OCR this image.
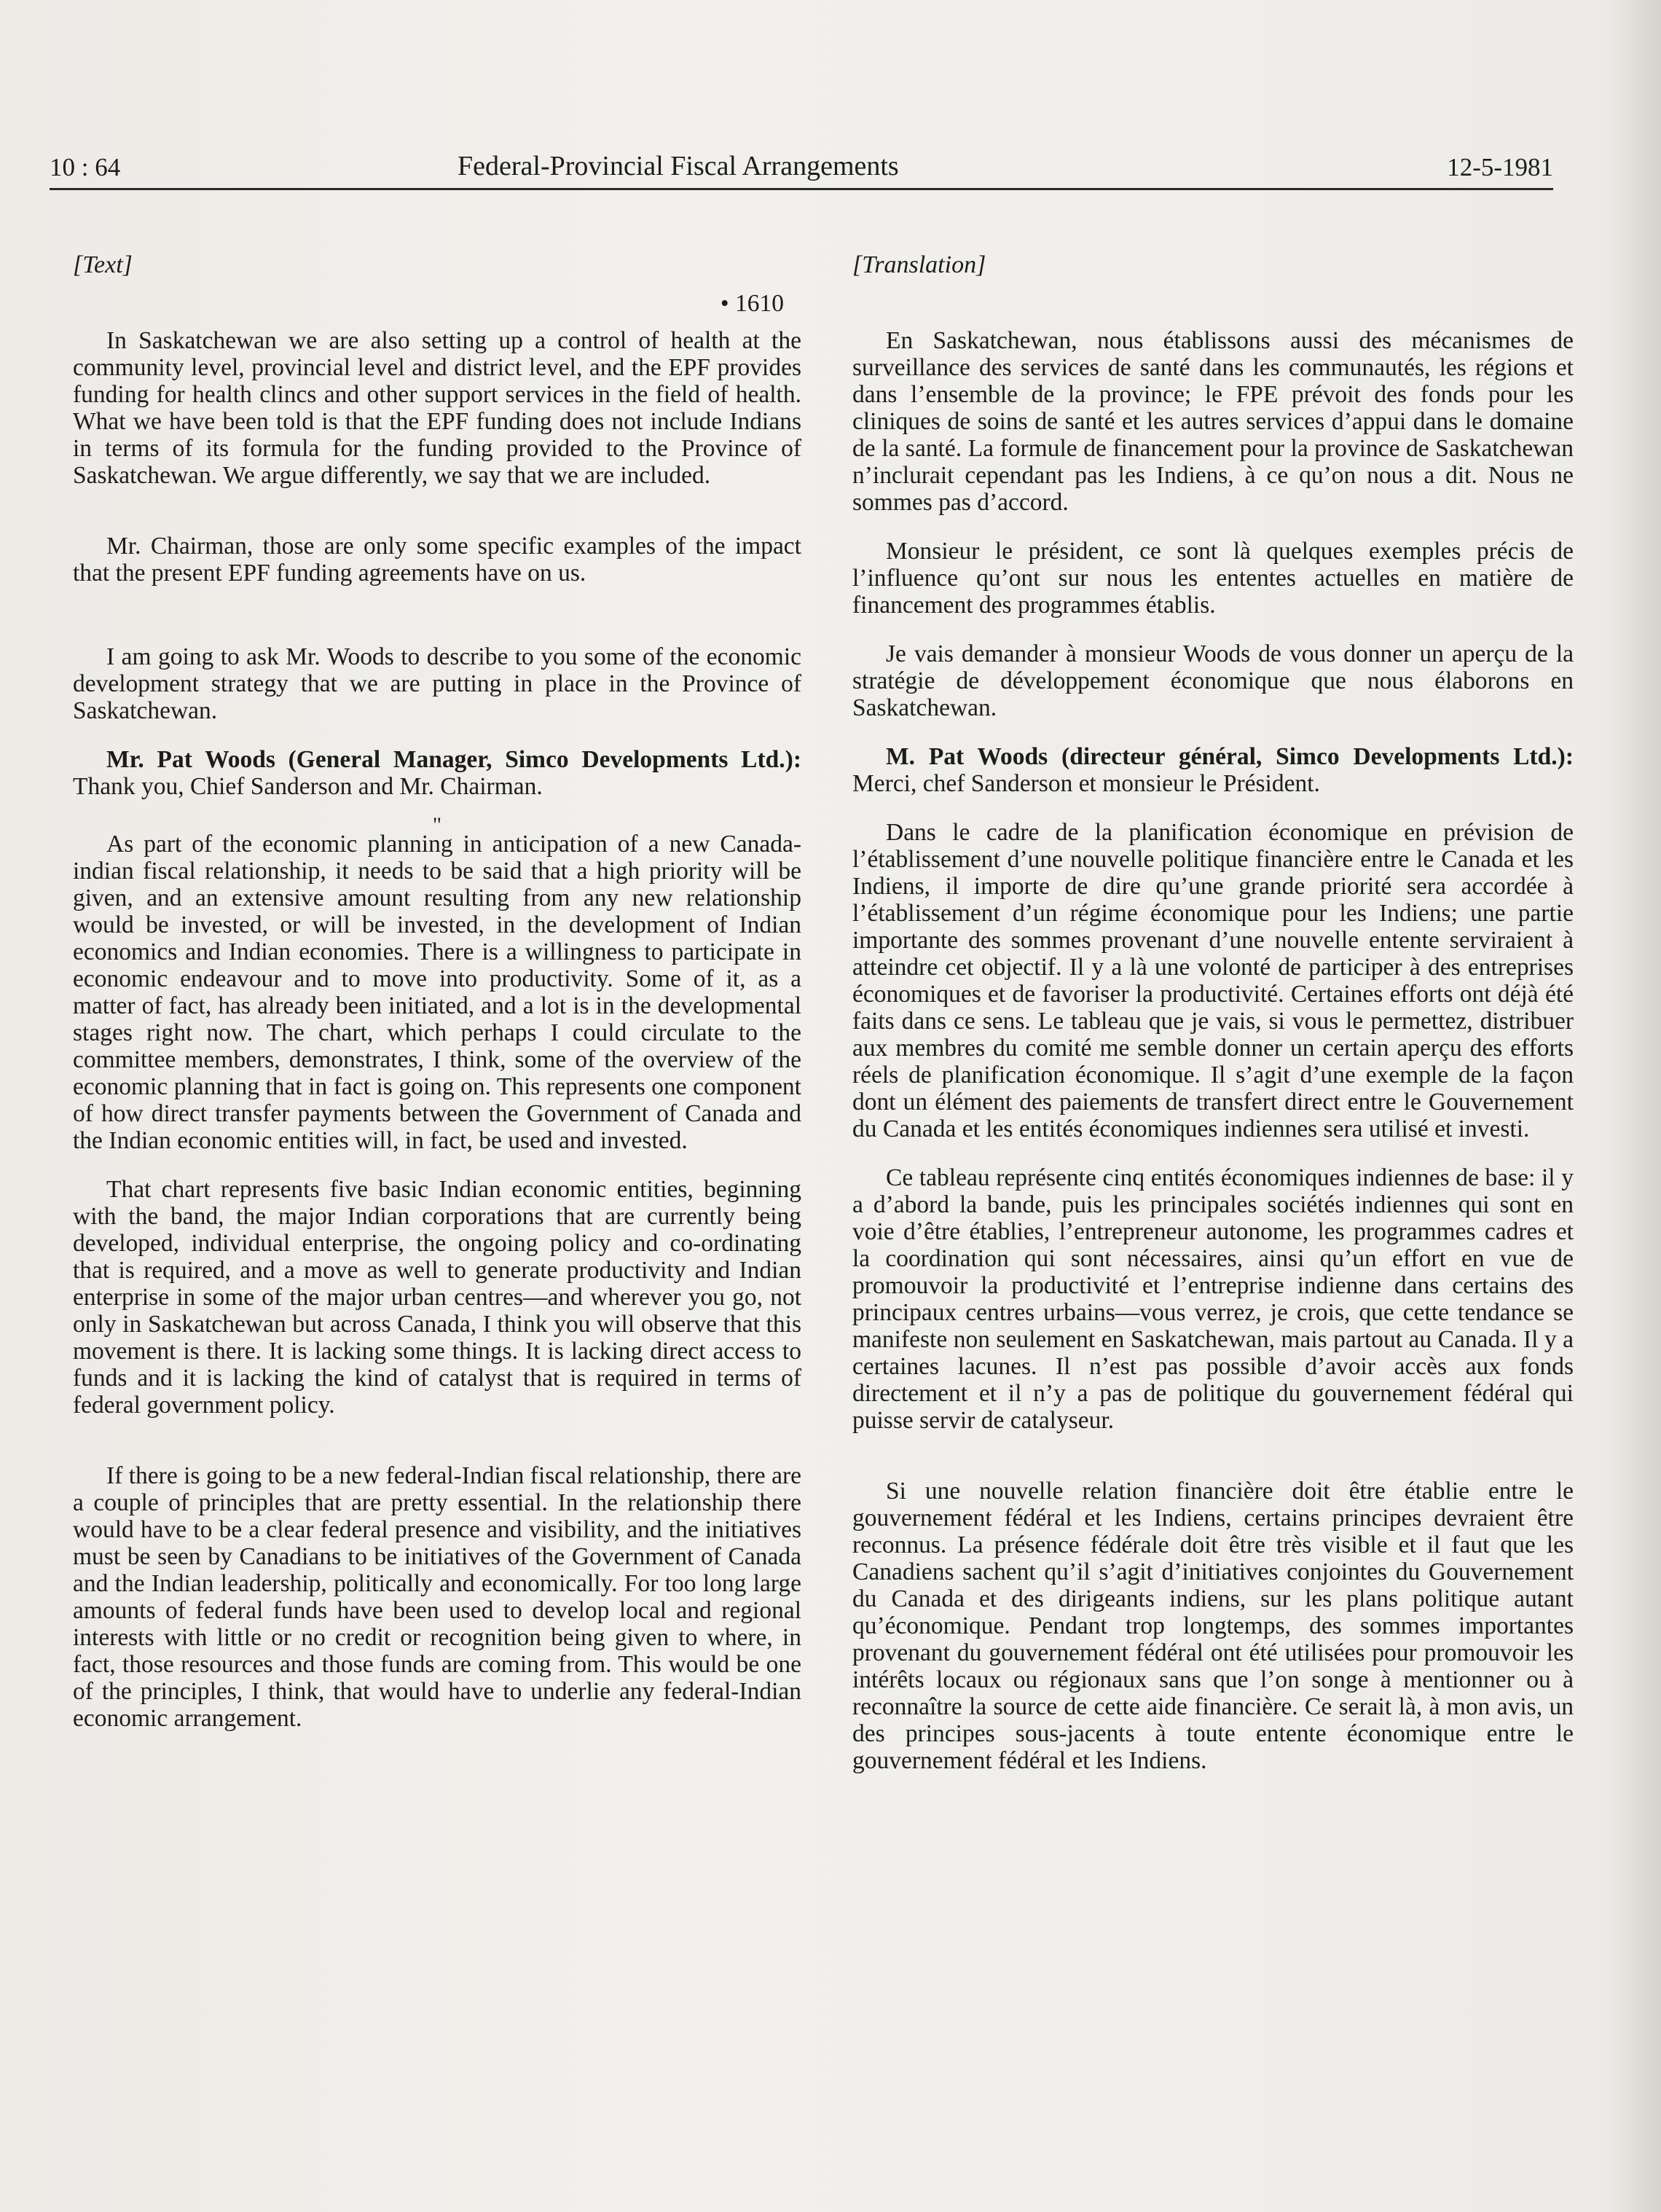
10 : 64	Federal-Provincial Fiscal Arrangements	12-5-1981
[Text]
• 1610

In Saskatchewan we are also setting up a control of health at the community level, provincial level and district level, and the EPF provides funding for health clincs and other support services in the field of health. What we have been told is that the EPF funding does not include Indians in terms of its formula for the funding provided to the Province of Saskatchewan. We argue differently, we say that we are included.

Mr. Chairman, those are only some specific examples of the impact that the present EPF funding agreements have on us.

I am going to ask Mr. Woods to describe to you some of the economic development strategy that we are putting in place in the Province of Saskatchewan.

Mr. Pat Woods (General Manager, Simco Developments Ltd.): Thank you, Chief Sanderson and Mr. Chairman.

"

As part of the economic planning in anticipation of a new Canada-indian fiscal relationship, it needs to be said that a high priority will be given, and an extensive amount resulting from any new relationship would be invested, or will be invested, in the development of Indian economics and Indian economies. There is a willingness to participate in economic endeavour and to move into productivity. Some of it, as a matter of fact, has already been initiated, and a lot is in the developmental stages right now. The chart, which perhaps I could circulate to the committee members, demonstrates, I think, some of the overview of the economic planning that in fact is going on. This represents one component of how direct transfer payments between the Government of Canada and the Indian economic entities will, in fact, be used and invested.

That chart represents five basic Indian economic entities, beginning with the band, the major Indian corporations that are currently being developed, individual enterprise, the ongoing policy and co-ordinating that is required, and a move as well to generate productivity and Indian enterprise in some of the major urban centres—and wherever you go, not only in Saskatchewan but across Canada, I think you will observe that this movement is there. It is lacking some things. It is lacking direct access to funds and it is lacking the kind of catalyst that is required in terms of federal government policy.

If there is going to be a new federal-Indian fiscal relationship, there are a couple of principles that are pretty essential. In the relationship there would have to be a clear federal presence and visibility, and the initiatives must be seen by Canadians to be initiatives of the Government of Canada and the Indian leadership, politically and economically. For too long large amounts of federal funds have been used to develop local and regional interests with little or no credit or recognition being given to where, in fact, those resources and those funds are coming from. This would be one of the principles, I think, that would have to underlie any federal-Indian economic arrangement.

[Translation]

En Saskatchewan, nous établissons aussi des mécanismes de surveillance des services de santé dans les communautés, les régions et dans l’ensemble de la province; le FPE prévoit des fonds pour les cliniques de soins de santé et les autres services d’appui dans le domaine de la santé. La formule de financement pour la province de Saskatchewan n’inclurait cependant pas les Indiens, à ce qu’on nous a dit. Nous ne sommes pas d’accord.

Monsieur le président, ce sont là quelques exemples précis de l’influence qu’ont sur nous les ententes actuelles en matière de financement des programmes établis.

Je vais demander à monsieur Woods de vous donner un aperçu de la stratégie de développement économique que nous élaborons en Saskatchewan.

M. Pat Woods (directeur général, Simco Developments Ltd.): Merci, chef Sanderson et monsieur le Président.

Dans le cadre de la planification économique en prévision de l’établissement d’une nouvelle politique financière entre le Canada et les Indiens, il importe de dire qu’une grande priorité sera accordée à l’établissement d’un régime économique pour les Indiens; une partie importante des sommes provenant d’une nouvelle entente serviraient à atteindre cet objectif. Il y a là une volonté de participer à des entreprises économiques et de favoriser la productivité. Certaines efforts ont déjà été faits dans ce sens. Le tableau que je vais, si vous le permettez, distribuer aux membres du comité me semble donner un certain aperçu des efforts réels de planification économique. Il s’agit d’une exemple de la façon dont un élément des paiements de transfert direct entre le Gouvernement du Canada et les entités économiques indiennes sera utilisé et investi.

Ce tableau représente cinq entités économiques indiennes de base: il y a d’abord la bande, puis les principales sociétés indiennes qui sont en voie d’être établies, l’entrepreneur autonome, les programmes cadres et la coordination qui sont nécessaires, ainsi qu’un effort en vue de promouvoir la productivité et l’entreprise indienne dans certains des principaux centres urbains—vous verrez, je crois, que cette tendance se manifeste non seulement en Saskatchewan, mais partout au Canada. Il y a certaines lacunes. Il n’est pas possible d’avoir accès aux fonds directement et il n’y a pas de politique du gouvernement fédéral qui puisse servir de catalyseur.

Si une nouvelle relation financière doit être établie entre le gouvernement fédéral et les Indiens, certains principes devraient être reconnus. La présence fédérale doit être très visible et il faut que les Canadiens sachent qu’il s’agit d’initiatives conjointes du Gouvernement du Canada et des dirigeants indiens, sur les plans politique autant qu’économique. Pendant trop longtemps, des sommes importantes provenant du gouvernement fédéral ont été utilisées pour promouvoir les intérêts locaux ou régionaux sans que l’on songe à mentionner ou à reconnaître la source de cette aide financière. Ce serait là, à mon avis, un des principes sous-jacents à toute entente économique entre le gouvernement fédéral et les Indiens.
